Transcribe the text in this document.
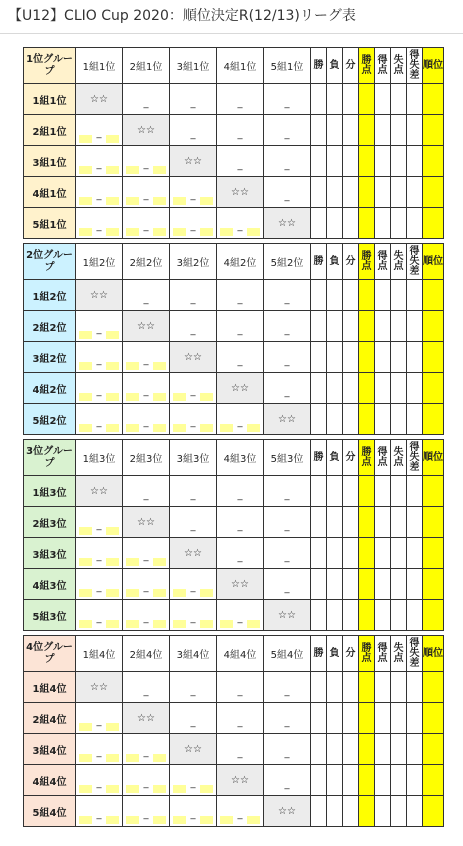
【U12】CLIO Cup 2020：順位決定R(12/13)リーグ表
1位グループ	1組1位	2組1位	3組1位	4組1位	5組1位	勝	負	分	勝点	得点	失点	得失差	順位
1組1位	☆☆	_	_	_	_								

2組1位	_	☆☆	_	_	_								

3組1位	_	_	☆☆	_	_								

4組1位	_	_	_	☆☆	_								

5組1位	_	_	_	_	☆☆								
2位グループ	1組2位	2組2位	3組2位	4組2位	5組2位	勝	負	分	勝点	得点	失点	得失差	順位
1組2位	☆☆	_	_	_	_								

2組2位	_	☆☆	_	_	_								

3組2位	_	_	☆☆	_	_								

4組2位	_	_	_	☆☆	_								

5組2位	_	_	_	_	☆☆								
3位グループ	1組3位	2組3位	3組3位	4組3位	5組3位	勝	負	分	勝点	得点	失点	得失差	順位
1組3位	☆☆	_	_	_	_								

2組3位	_	☆☆	_	_	_								

3組3位	_	_	☆☆	_	_								

4組3位	_	_	_	☆☆	_								

5組3位	_	_	_	_	☆☆								
4位グループ	1組4位	2組4位	3組4位	4組4位	5組4位	勝	負	分	勝点	得点	失点	得失差	順位
1組4位	☆☆	_	_	_	_								

2組4位	_	☆☆	_	_	_								

3組4位	_	_	☆☆	_	_								

4組4位	_	_	_	☆☆	_								

5組4位	_	_	_	_	☆☆								
